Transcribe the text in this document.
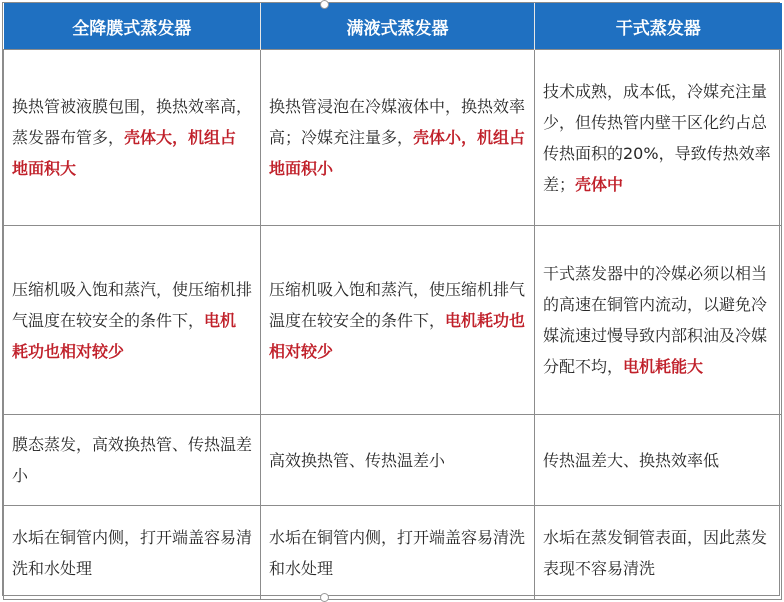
全降膜式蒸发器	满液式蒸发器	干式蒸发器
换热管被液膜包围，换热效率高，蒸发器布管多，壳体大，机组占地面积大	换热管浸泡在冷媒液体中，换热效率高；冷媒充注量多，壳体小，机组占地面积小	技术成熟，成本低，冷媒充注量少，但传热管内壁干区化约占总传热面积的20%，导致传热效率差；壳体中
压缩机吸入饱和蒸汽，使压缩机排气温度在较安全的条件下，电机耗功也相对较少	压缩机吸入饱和蒸汽，使压缩机排气温度在较安全的条件下，电机耗功也相对较少	干式蒸发器中的冷媒必须以相当的高速在铜管内流动，以避免冷媒流速过慢导致内部积油及冷媒分配不均，电机耗能大
膜态蒸发，高效换热管、传热温差小	高效换热管、传热温差小	传热温差大、换热效率低
水垢在铜管内侧，打开端盖容易清洗和水处理	水垢在铜管内侧，打开端盖容易清洗和水处理	水垢在蒸发铜管表面，因此蒸发表现不容易清洗
